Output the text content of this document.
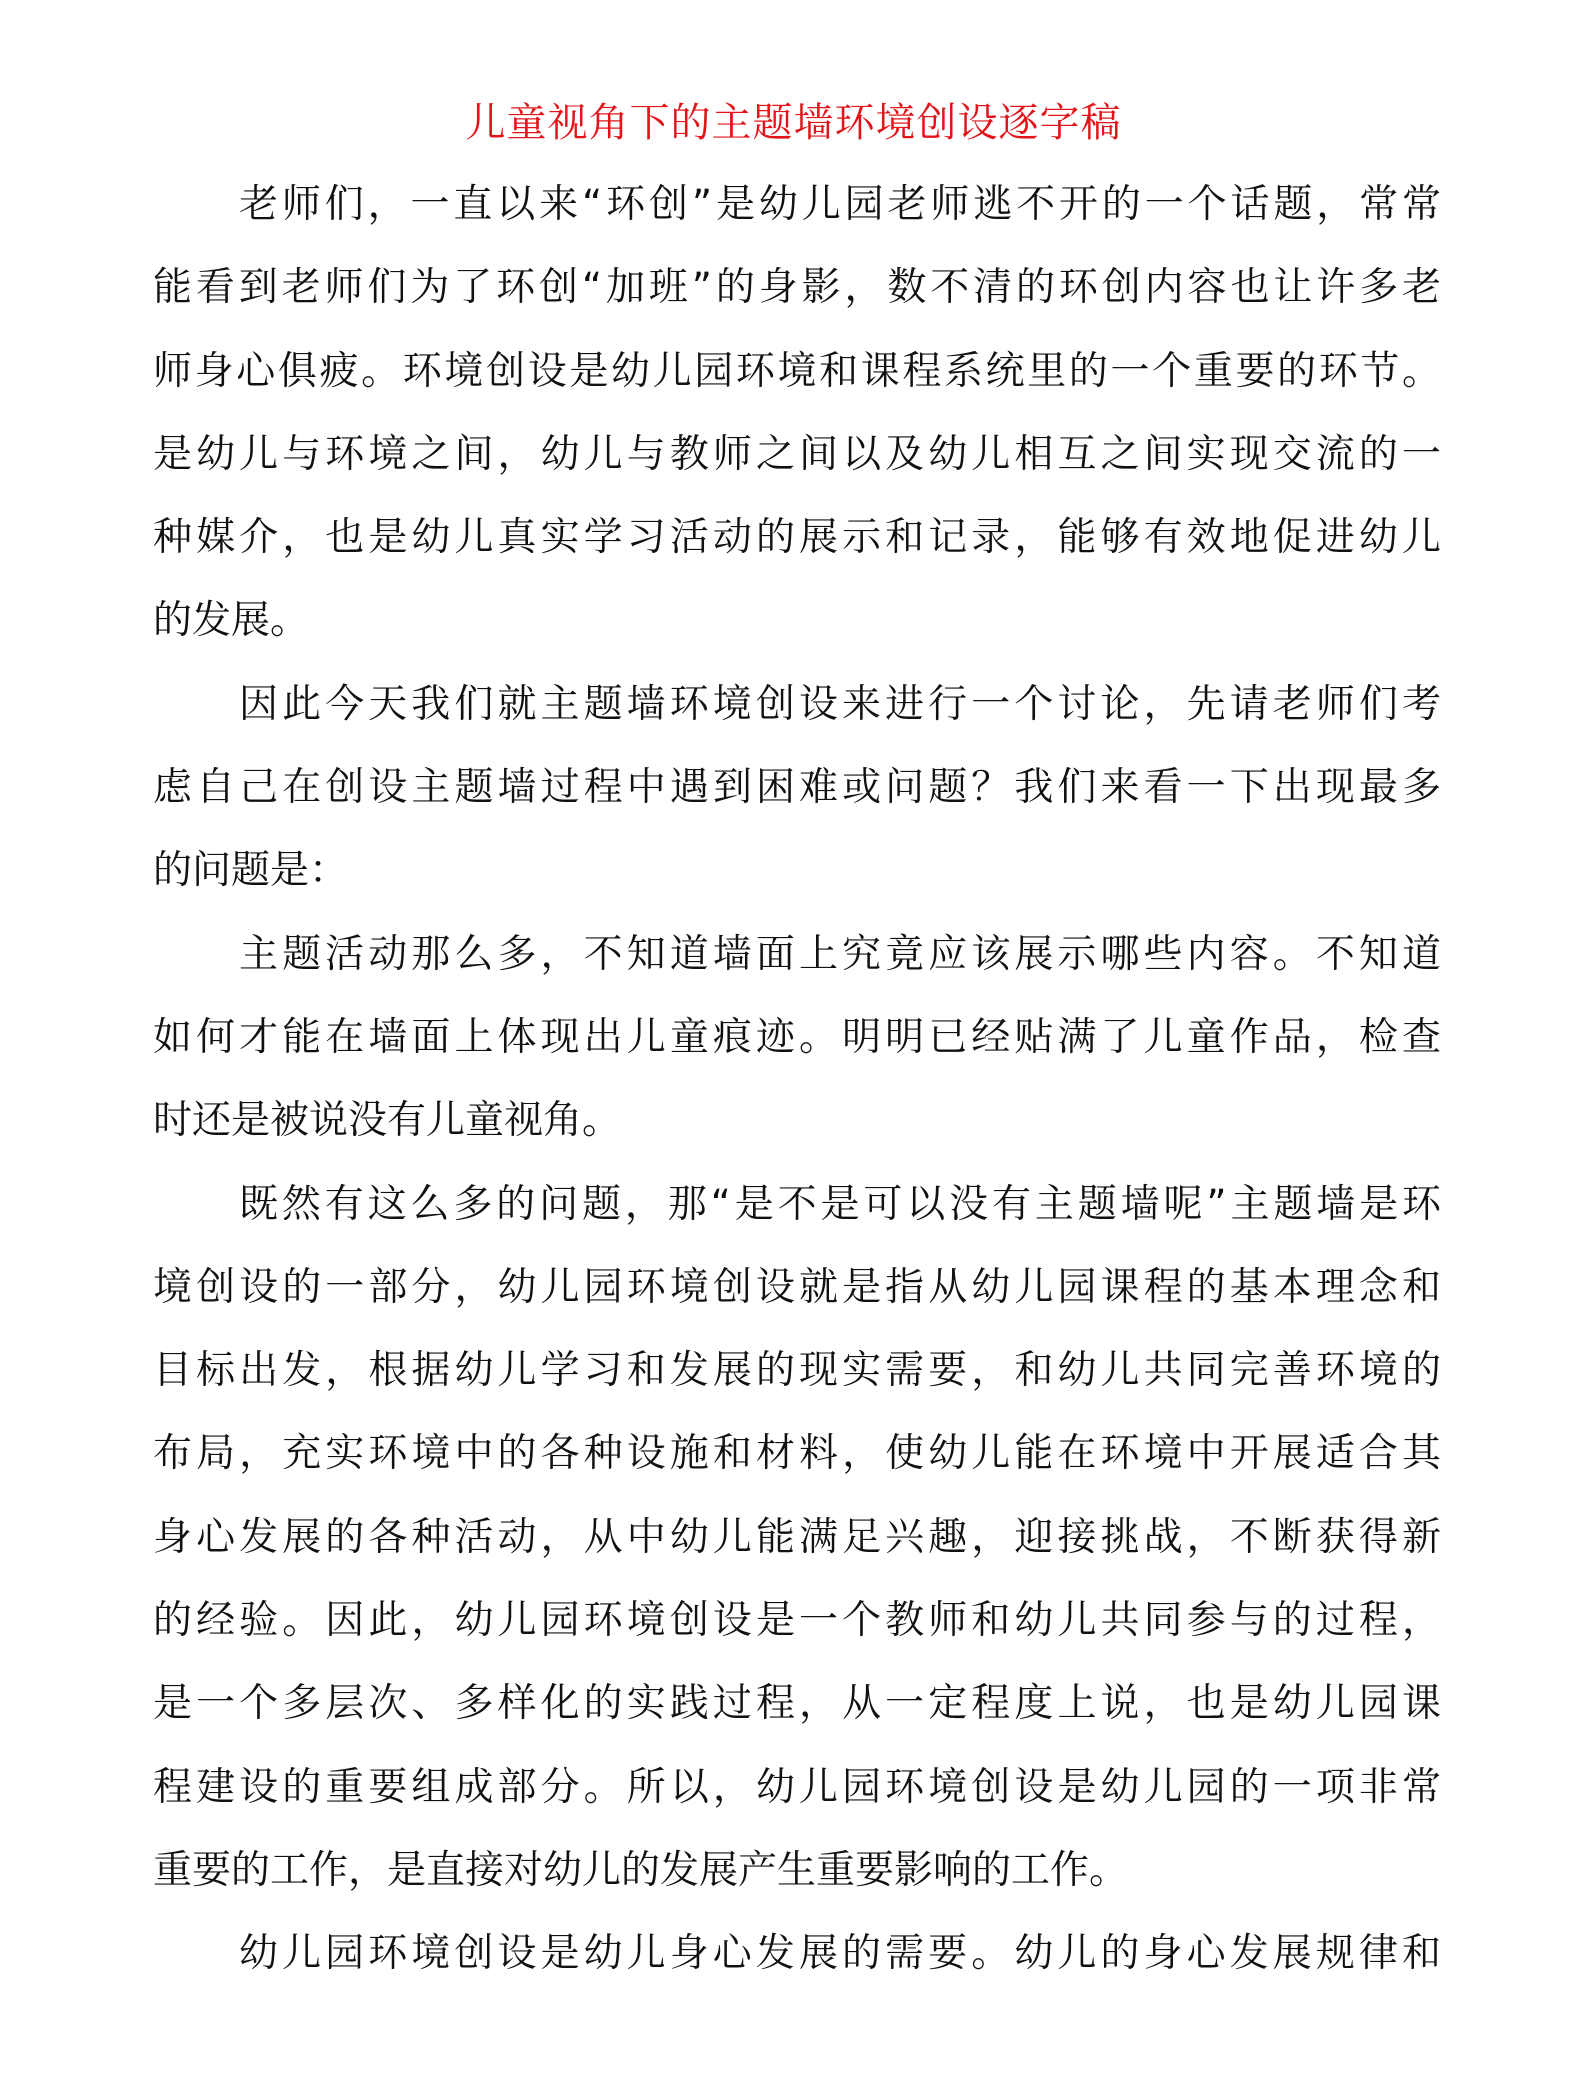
儿童视角下的主题墙环境创设逐字稿
老师们，一直以来“环创”是幼儿园老师逃不开的一个话题，常常
能看到老师们为了环创“加班”的身影，数不清的环创内容也让许多老
师身心俱疲。环境创设是幼儿园环境和课程系统里的一个重要的环节。
是幼儿与环境之间，幼儿与教师之间以及幼儿相互之间实现交流的一
种媒介，也是幼儿真实学习活动的展示和记录，能够有效地促进幼儿
的发展。
因此今天我们就主题墙环境创设来进行一个讨论，先请老师们考
虑自己在创设主题墙过程中遇到困难或问题？我们来看一下出现最多
的问题是：
主题活动那么多，不知道墙面上究竟应该展示哪些内容。不知道
如何才能在墙面上体现出儿童痕迹。明明已经贴满了儿童作品，检查
时还是被说没有儿童视角。
既然有这么多的问题，那“是不是可以没有主题墙呢”主题墙是环
境创设的一部分，幼儿园环境创设就是指从幼儿园课程的基本理念和
目标出发，根据幼儿学习和发展的现实需要，和幼儿共同完善环境的
布局，充实环境中的各种设施和材料，使幼儿能在环境中开展适合其
身心发展的各种活动，从中幼儿能满足兴趣，迎接挑战，不断获得新
的经验。因此，幼儿园环境创设是一个教师和幼儿共同参与的过程，
是一个多层次、多样化的实践过程，从一定程度上说，也是幼儿园课
程建设的重要组成部分。所以，幼儿园环境创设是幼儿园的一项非常
重要的工作，是直接对幼儿的发展产生重要影响的工作。
幼儿园环境创设是幼儿身心发展的需要。幼儿的身心发展规律和
